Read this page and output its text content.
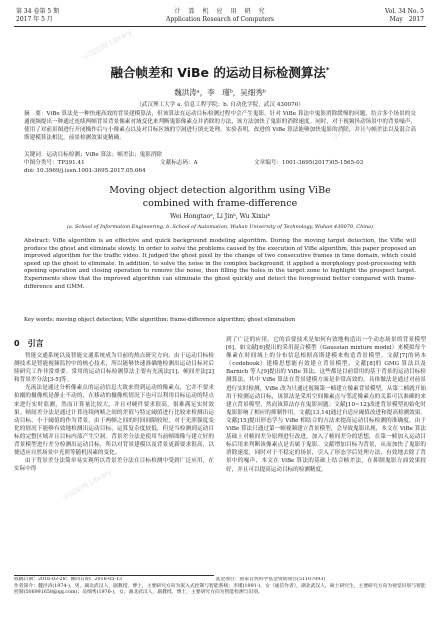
第 34 卷第 5 期
2017 年 5 月
计　算　机　应　用　研　究
Application Research of Computers
Vol. 34 No. 5
May　2017
融合帧差和 ViBe 的运动目标检测算法*
魏洪涛ᵃ，李　瑾ᵇ，吴细秀ᵇ
（武汉理工大学 a. 信息工程学院；b. 自动化学院，武汉 430070）
摘　要：ViBe 算法是一种快速高效的背景建模算法，但该算法在运动目标检测过程中会产生鬼影。针对 ViBe 算法中鬼影消除缓慢的问题，结合多个场景的交通视频提出一种通过连续两帧背景背景像素对域变化来判断鬼影像素点并消除的方法，该方法加快了鬼影的消除速度。同时，对于视频抖动场景中的背景噪声，使用了对前景图进行开闭操作后与小像素点以及对目标区域的空洞进行填充处理。实验表明，改进的 ViBe 算法能够加快鬼影的消除，并且与帧差法以及混合高斯建模算法相比，前景检测效果更精确。
关键词：运动目标检测；ViBe 算法；帧差法；鬼影消除
中图分类号：TP391.41	文献标志码：A	文章编号：1001-3695(2017)05-1565-03
doi: 10.3969/j.issn.1001-3695.2017.05.064
Moving object detection algorithm using ViBe
combined with frame-difference
Wei Hongtaoᵃ, Li Jinᵇ, Wu Xixiuᵇ
(a. School of Information Engineering, b. School of Automation, Wuhan University of Technology, Wuhan 430070, China)
Abstract: ViBe algorithm is an effective and quick background modeling algorithm. During the moving target detection, the ViBe will produce the ghost and eliminate slowly. In order to solve the problems caused by the execution of ViBe algorithm, this paper proposed an improved algorithm for the traffic video. It judged the ghost pixel by the change of two consecutive frames in time domain, which could speed up the ghost to eliminate. In addition, to solve the noise in the complex background, it applied a morphology post-processing with opening operation and closing operation to remove the noise, then filling the holes in the target zone to highlight the prospect target. Experiments show that the improved algorithm can eliminate the ghost quickly and detect the foreground better compared with frame-difference and GMM.
Key words: moving object detection; ViBe algorithm; frame-difference algorithm; ghost elimination
0　引言

智能交通系统以及智能交通系统成为目前的热点研究方向，由于运动目标检测技术是智能视频监控中的核心技术，所以能够快速准确地检测出运动目标对后续研究工作非常重要。常用的运动目标检测算法主要有光流法[1]、帧间差法[2]和背景差分法[3-5]等。

光流法是通过分析像素点的运动信息大致来得到运动的像素点，它并不要求拍摄的摄像机是静止不动的，在移动的摄像机情况下也可以利用目标运动的特点来进行实时监测，然而计算量比较大，并且对硬件要求很高，很难满足实时效果。帧间差分法是通过计算连续两帧之间的差值与特定阈值进行比较来检测出运动目标，小于阈值的作为背景，由于两帧之间的时间间隔较短，对于光照强度变化的情况下能够有效地检测出运动目标，运算复杂度较低，但是当检测到运动目标的完整区域并且目标内部产生空洞。背景差分法是使用当前帧图像与建立好的背景模型进行差分检测出运动目标，所以对背景建模以及背景更新要求很高，以便适应自然场景中光照等随机因素的变化。

由于背景差分法简单易实现所以背景差分法在目标检测中受到广泛应用，在实际中得

到了广泛的应用，它的首要技术是如何有效地构造出一个动态场景的背景模型[6]。如文献[6]提出的采用混合模型（Gaussian mixture model）来模拟每个像素在时间域上的分布信息根据高斯建模来构造背景模型。文献[7]的码本（codebook）建模思想能有效建立背景模型。文献[8]的 GMG 算法以及 Barnich 等人[9]提出的 ViBe 算法，这些都是目前常用的基于背景的运动目标检测算法。其中 ViBe 算法在背景建模方面是非常高效的，具体做法是通过对前景进行实时检测，ViBe 改为只通过视频第一帧建立像素背景模型，从第二帧就开始用于检测运动目标，该算法是采用空间像素点与邻近像素点的关系可以准确的来建立背景模型，然而该算法存在鬼影问题。文献[10~12]改进背景模型初始化时鬼影影响了相应的抑制作用。文献[13,14]通过自适应阈值改进和提高检测效果。文献[15]提出形态学与 ViBe 相结合的方法来提高运动目标检测的准确度，由于ViBe 算法只通过第一帧视频建立背景模型，会导致鬼影出现，本文在 ViBe 算法基础上对帧间差分原理进行改进，加入了帧间差分的思想，在第一帧加入运动目标后用来判断该像素点是否属于鬼影。文献增加目标为背景，从而加快了鬼影的消除速度，同时对于不稳定的场景，引入了形态学后处理方法，有效地去除了背景中的噪声，本文在 ViBe 算法的基础上结合帧差法，在抑制鬼影方面效果较好，并且可以提高运动目标的检测精度。

收稿日期：2016-03-28；修回日期：2016-05-13	基金项目：国家自然科学基金资助项目(51107093)
作者简介：魏洪涛(1974-)，男，湖北武汉人，副教授，博士，主要研究方向为嵌入式控制与智能系统；李瑾(1991-)，女（通信作者），湖北武汉人，硕士研究生，主要研究方向为视觉识别与智能控制(506991658@qq.com)；吴细秀(1976-)，女，湖北武汉人，副教授，博士，主要研究方向为智能检测与识别。
中国知网 Library
中国知网 Library
中国知网 Library
中国知网 Library
中国知网 Library
